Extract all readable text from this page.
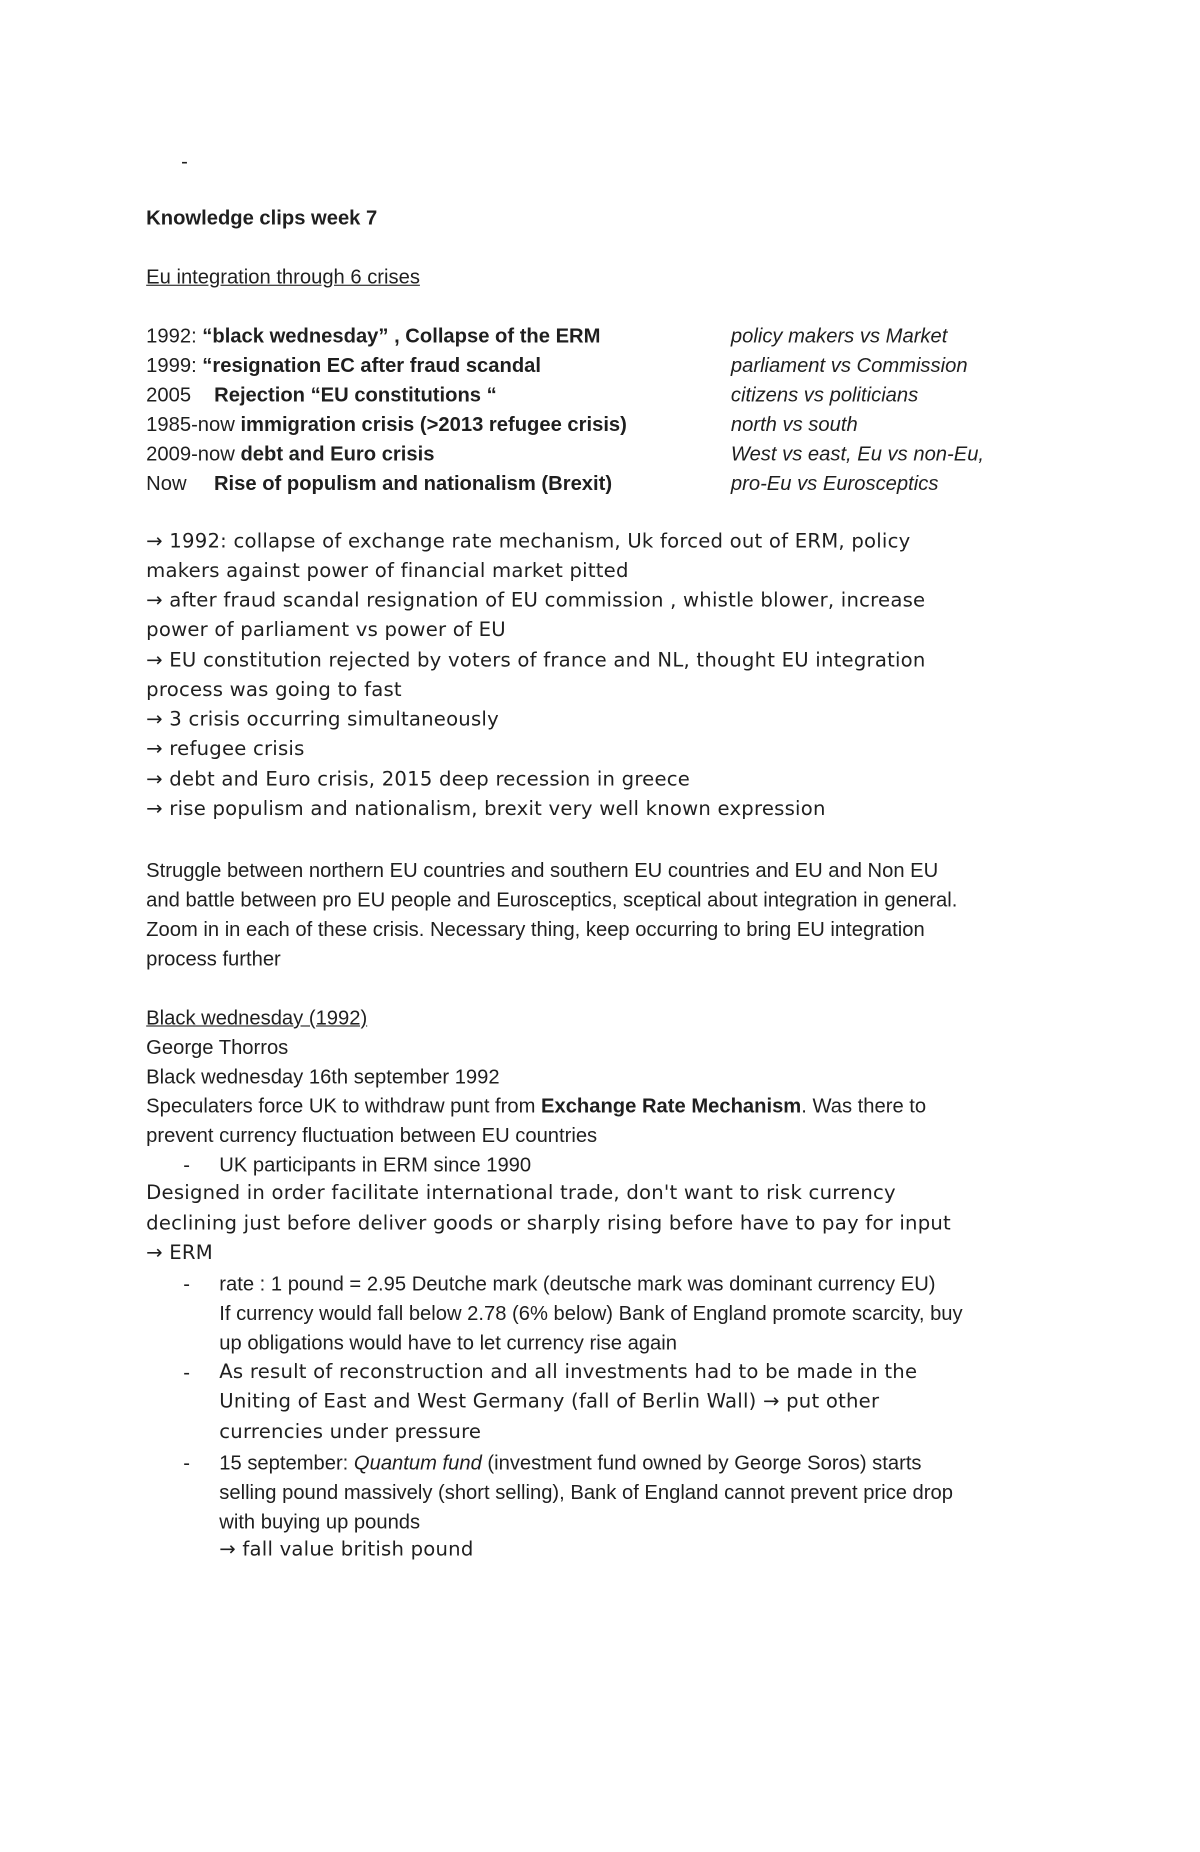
-
Knowledge clips week 7
Eu integration through 6 crises
1992: “black wednesday” , Collapse of the ERM	policy makers vs Market
1999: “resignation EC after fraud scandal	parliament vs Commission
2005 Rejection “EU constitutions “	citizens vs politicians
1985-now immigration crisis (>2013 refugee crisis)	north vs south
2009-now debt and Euro crisis	West vs east, Eu vs non-Eu,
Now Rise of populism and nationalism (Brexit)	pro-Eu vs Eurosceptics
→ 1992: collapse of exchange rate mechanism, Uk forced out of ERM, policy
makers against power of financial market pitted
→ after fraud scandal resignation of EU commission , whistle blower, increase
power of parliament vs power of EU
→ EU constitution rejected by voters of france and NL, thought EU integration
process was going to fast
→ 3 crisis occurring simultaneously
→ refugee crisis
→ debt and Euro crisis, 2015 deep recession in greece
→ rise populism and nationalism, brexit very well known expression
Struggle between northern EU countries and southern EU countries and EU and Non EU
and battle between pro EU people and Eurosceptics, sceptical about integration in general.
Zoom in in each of these crisis. Necessary thing, keep occurring to bring EU integration
process further
Black wednesday (1992)
George Thorros
Black wednesday 16th september 1992
Speculaters force UK to withdraw punt from Exchange Rate Mechanism. Was there to
prevent currency fluctuation between EU countries
- UK participants in ERM since 1990
Designed in order facilitate international trade, don't want to risk currency
declining just before deliver goods or sharply rising before have to pay for input
→ ERM
- rate : 1 pound = 2.95 Deutche mark (deutsche mark was dominant currency EU)
If currency would fall below 2.78 (6% below) Bank of England promote scarcity, buy
up obligations would have to let currency rise again
- As result of reconstruction and all investments had to be made in the
Uniting of East and West Germany (fall of Berlin Wall) → put other
currencies under pressure
- 15 september: Quantum fund (investment fund owned by George Soros) starts
selling pound massively (short selling), Bank of England cannot prevent price drop
with buying up pounds
→ fall value british pound
